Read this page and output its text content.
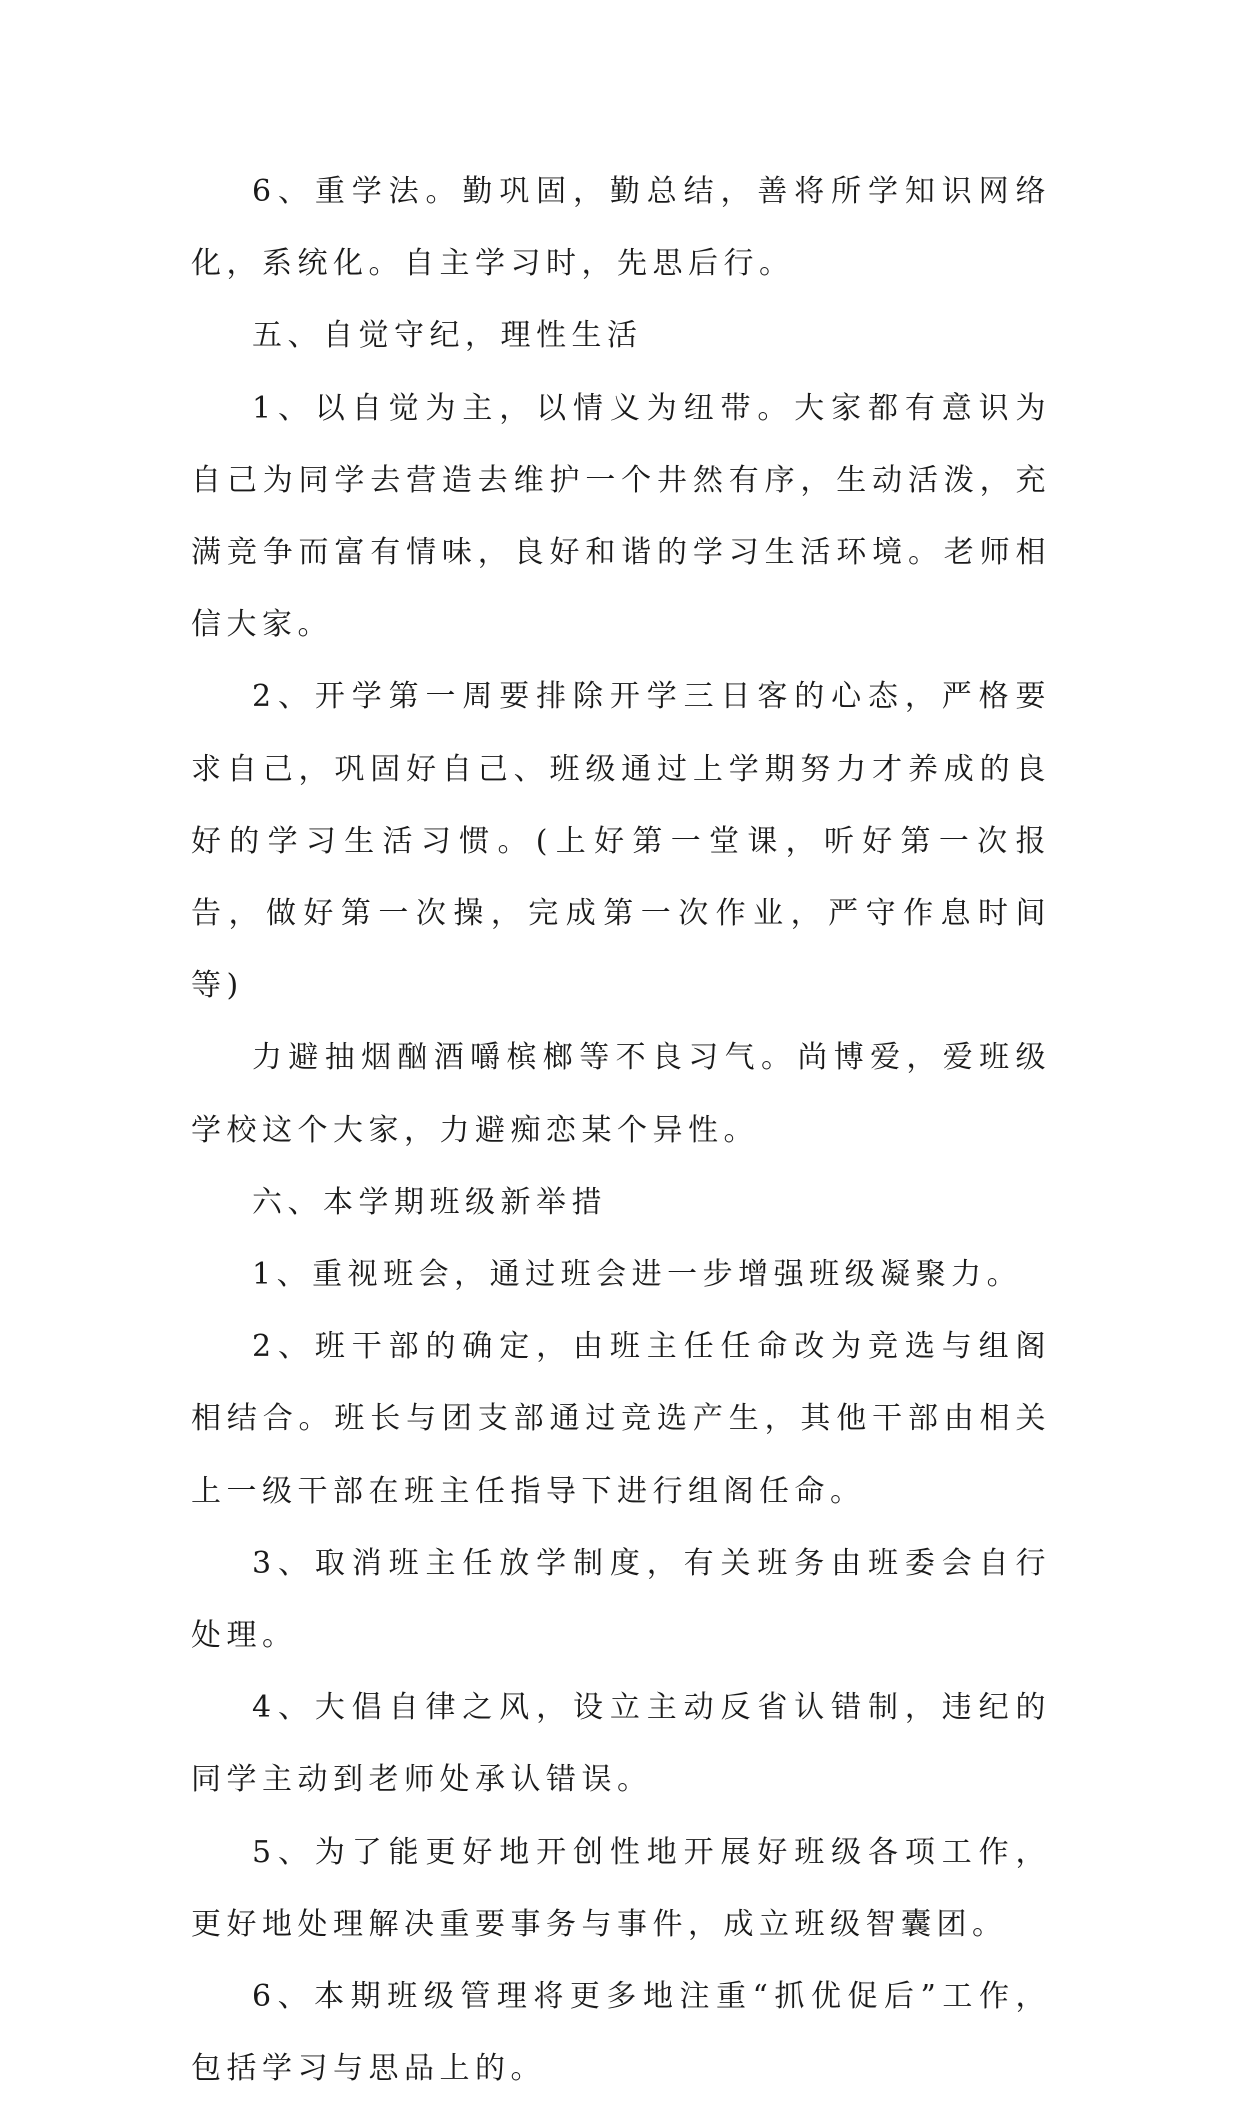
6、重学法。勤巩固，勤总结，善将所学知识网络化，系统化。自主学习时，先思后行。

五、自觉守纪，理性生活

1、以自觉为主，以情义为纽带。大家都有意识为自己为同学去营造去维护一个井然有序，生动活泼，充满竞争而富有情味，良好和谐的学习生活环境。老师相信大家。

2、开学第一周要排除开学三日客的心态，严格要求自己，巩固好自己、班级通过上学期努力才养成的良好的学习生活习惯。(上好第一堂课，听好第一次报告，做好第一次操，完成第一次作业，严守作息时间等)

力避抽烟酗酒嚼槟榔等不良习气。尚博爱，爱班级学校这个大家，力避痴恋某个异性。

六、本学期班级新举措

1、重视班会，通过班会进一步增强班级凝聚力。

2、班干部的确定，由班主任任命改为竞选与组阁相结合。班长与团支部通过竞选产生，其他干部由相关上一级干部在班主任指导下进行组阁任命。

3、取消班主任放学制度，有关班务由班委会自行处理。

4、大倡自律之风，设立主动反省认错制，违纪的同学主动到老师处承认错误。

5、为了能更好地开创性地开展好班级各项工作，更好地处理解决重要事务与事件，成立班级智囊团。

6、本期班级管理将更多地注重“抓优促后”工作，包括学习与思品上的。
